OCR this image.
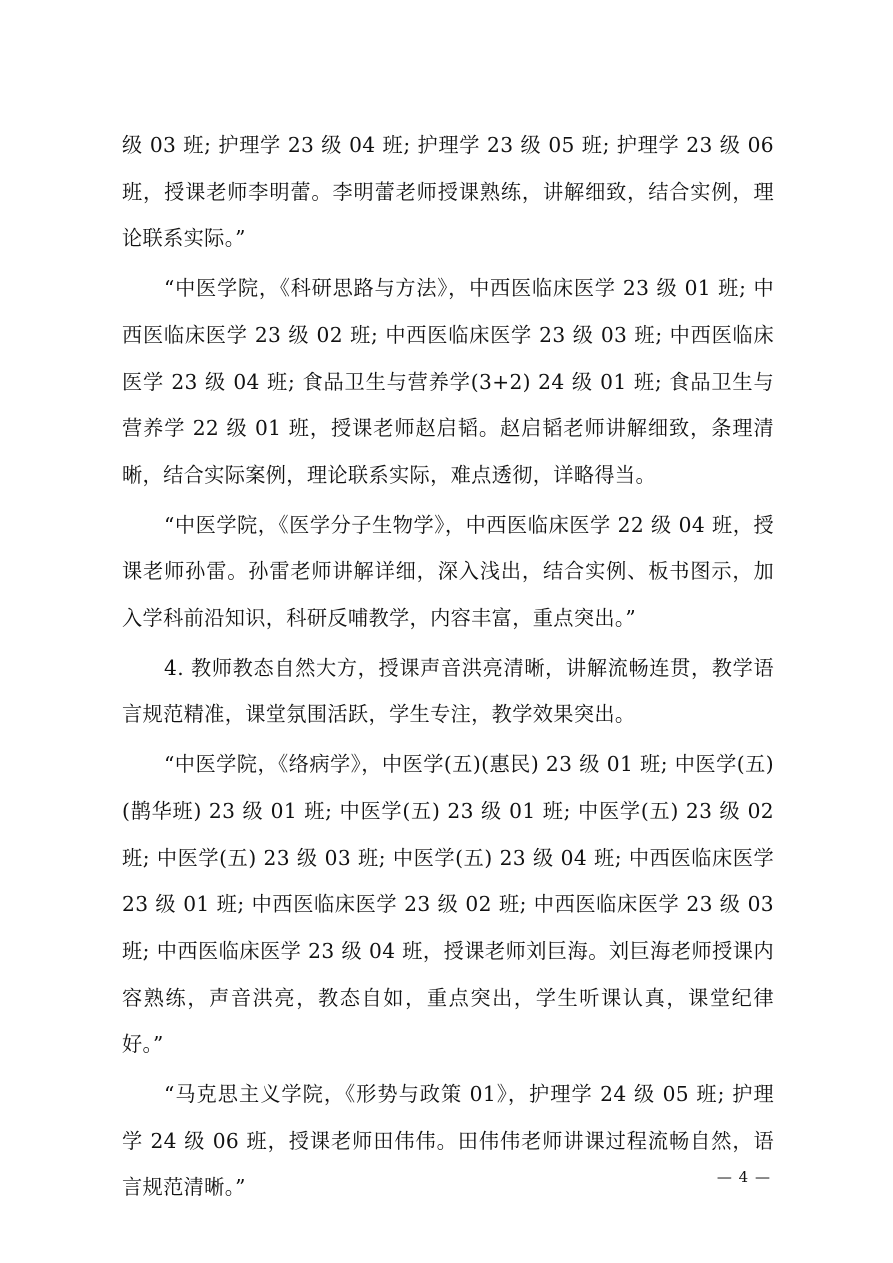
级 03 班; 护理学 23 级 04 班; 护理学 23 级 05 班; 护理学 23 级 06 班，授课老师李明蕾。李明蕾老师授课熟练，讲解细致，结合实例，理论联系实际。”

“中医学院，《科研思路与方法》，中西医临床医学 23 级 01 班; 中西医临床医学 23 级 02 班; 中西医临床医学 23 级 03 班; 中西医临床医学 23 级 04 班; 食品卫生与营养学(3+2) 24 级 01 班; 食品卫生与营养学 22 级 01 班，授课老师赵启韬。赵启韬老师讲解细致，条理清晰，结合实际案例，理论联系实际，难点透彻，详略得当。

“中医学院，《医学分子生物学》，中西医临床医学 22 级 04 班，授课老师孙雷。孙雷老师讲解详细，深入浅出，结合实例、板书图示，加入学科前沿知识，科研反哺教学，内容丰富，重点突出。”

4. 教师教态自然大方，授课声音洪亮清晰，讲解流畅连贯，教学语言规范精准，课堂氛围活跃，学生专注，教学效果突出。

“中医学院，《络病学》，中医学(五)(惠民) 23 级 01 班; 中医学(五)(鹊华班) 23 级 01 班; 中医学(五) 23 级 01 班; 中医学(五) 23 级 02 班; 中医学(五) 23 级 03 班; 中医学(五) 23 级 04 班; 中西医临床医学 23 级 01 班; 中西医临床医学 23 级 02 班; 中西医临床医学 23 级 03 班; 中西医临床医学 23 级 04 班，授课老师刘巨海。刘巨海老师授课内容熟练，声音洪亮，教态自如，重点突出，学生听课认真，课堂纪律好。”

“马克思主义学院，《形势与政策 01》，护理学 24 级 05 班; 护理学 24 级 06 班，授课老师田伟伟。田伟伟老师讲课过程流畅自然，语言规范清晰。”	— 4 —
